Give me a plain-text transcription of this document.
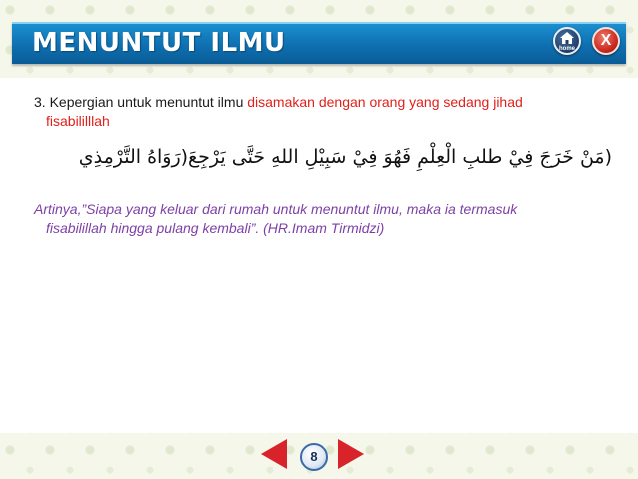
MENUNTUT ILMU	home	X
3. Kepergian untuk menuntut ilmu disamakan dengan orang yang sedang jihad
fisabililllah
(مَنْ خَرَجَ فِيْ طلبِ الْعِلْمِ فَهُوَ فِيْ سَبِيْلِ اللهِ حَتَّى يَرْجِعَ(رَوَاهُ التَّرْمِذِي
Artinya,”Siapa yang keluar dari rumah untuk menuntut ilmu, maka ia termasuk
fisabilillah hingga pulang kembali”. (HR.Imam Tirmidzi)
8
